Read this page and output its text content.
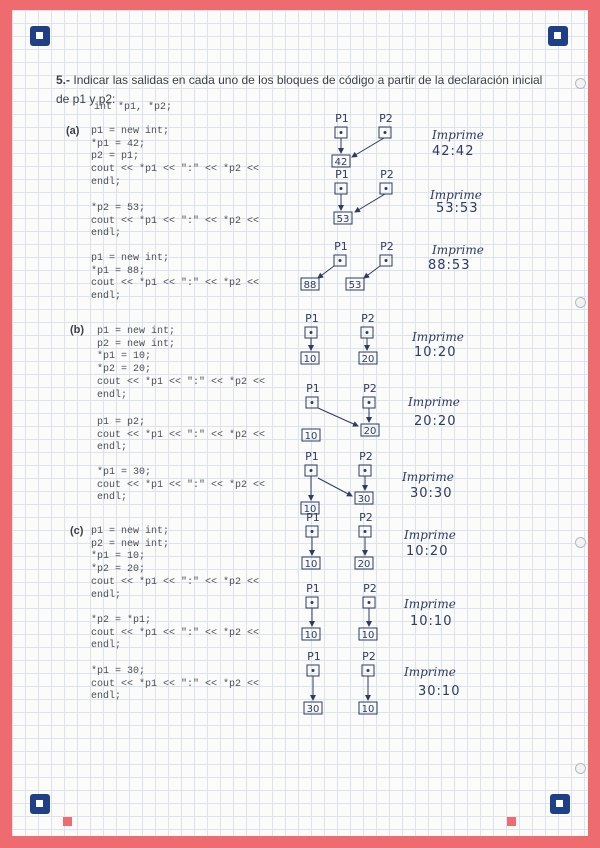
5.- Indicar las salidas en cada uno de los bloques de código a partir de la declaración inicial de p1 y p2:
int *p1, *p2;
(a)
(b)
(c)
p1 = new int;
*p1 = 42;
p2 = p1;
cout << *p1 << ":" << *p2 <<
endl;
*p2 = 53;
cout << *p1 << ":" << *p2 <<
endl;
p1 = new int;
*p1 = 88;
cout << *p1 << ":" << *p2 <<
endl;
p1 = new int;
p2 = new int;
*p1 = 10;
*p2 = 20;
cout << *p1 << ":" << *p2 <<
endl;
p1 = p2;
cout << *p1 << ":" << *p2 <<
endl;
*p1 = 30;
cout << *p1 << ":" << *p2 <<
endl;
p1 = new int;
p2 = new int;
*p1 = 10;
*p2 = 20;
cout << *p1 << ":" << *p2 <<
endl;
*p2 = *p1;
cout << *p1 << ":" << *p2 <<
endl;
*p1 = 30;
cout << *p1 << ":" << *p2 <<
endl;
Imprime
42:42
Imprime
53:53
Imprime
88:53
Imprime
10:20
Imprime
20:20
Imprime
30:30
Imprime
10:20
Imprime
10:10
Imprime
30:10
P1	P2
42
P1	P2
53
P1	P2
88	53
P1	P2
10	20
P1	P2
10	20
P1	P2
10
30
P1	P2
10	20
P1	P2
10	10
P1	P2
30	10
